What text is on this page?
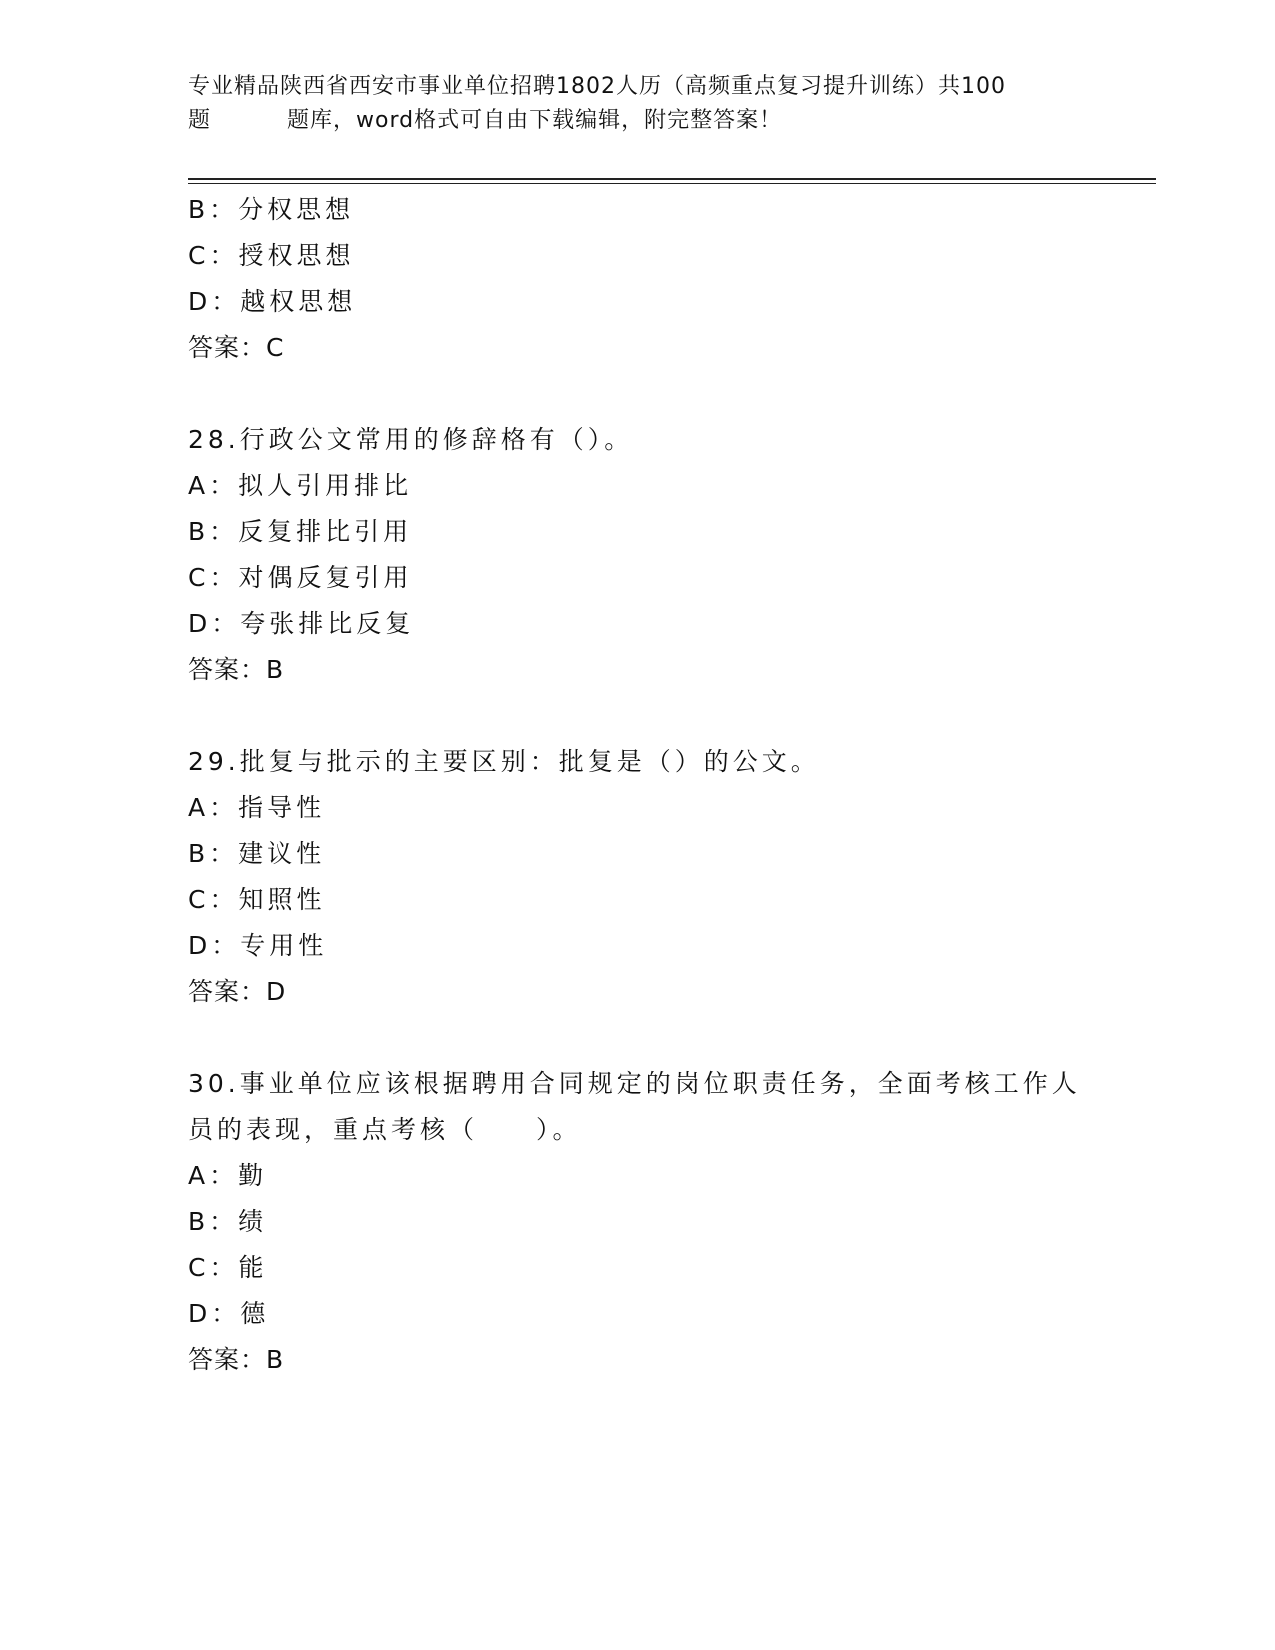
专业精品陕西省西安市事业单位招聘1802人历（高频重点复习提升训练）共100
题	题库，word格式可自由下载编辑，附完整答案！
B：分权思想
C：授权思想
D：越权思想
答案：C
28.行政公文常用的修辞格有（）。
A：拟人引用排比
B：反复排比引用
C：对偶反复引用
D：夸张排比反复
答案：B
29.批复与批示的主要区别：批复是（）的公文。
A：指导性
B：建议性
C：知照性
D：专用性
答案：D
30.事业单位应该根据聘用合同规定的岗位职责任务，全面考核工作人
员的表现，重点考核（　　）。
A：勤
B：绩
C：能
D：德
答案：B
